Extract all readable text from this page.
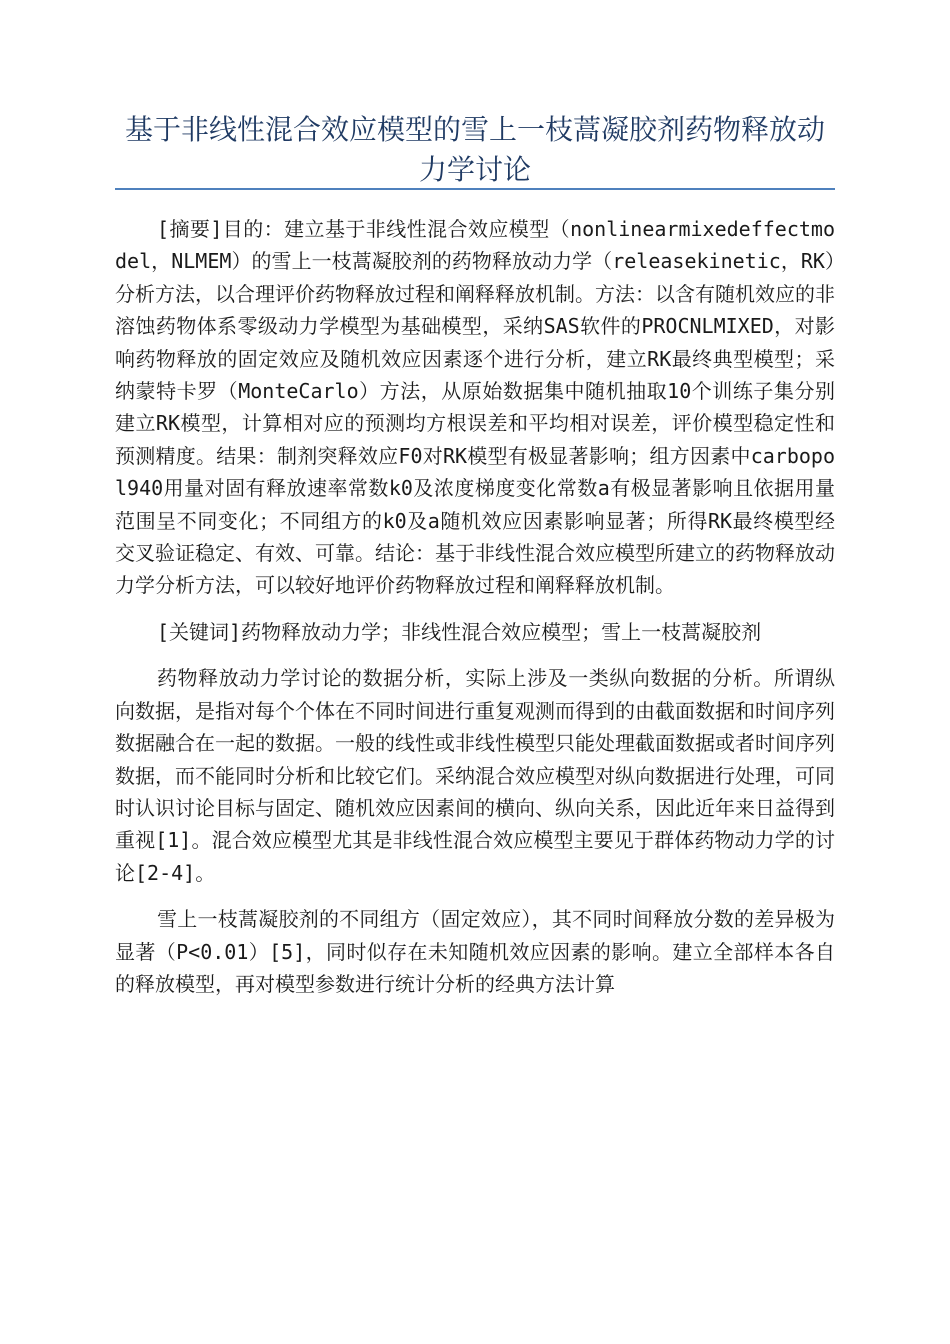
基于非线性混合效应模型的雪上一枝蒿凝胶剂药物释放动力学讨论

[摘要]目的：建立基于非线性混合效应模型（nonlinearmixedeffectmodel，NLMEM）的雪上一枝蒿凝胶剂的药物释放动力学（releasekinetic，RK）分析方法，以合理评价药物释放过程和阐释释放机制。方法：以含有随机效应的非溶蚀药物体系零级动力学模型为基础模型，采纳SAS软件的PROCNLMIXED，对影响药物释放的固定效应及随机效应因素逐个进行分析，建立RK最终典型模型；采纳蒙特卡罗（MonteCarlo）方法，从原始数据集中随机抽取10个训练子集分别建立RK模型，计算相对应的预测均方根误差和平均相对误差，评价模型稳定性和预测精度。结果：制剂突释效应F0对RK模型有极显著影响；组方因素中carbopol940用量对固有释放速率常数k0及浓度梯度变化常数a有极显著影响且依据用量范围呈不同变化；不同组方的k0及a随机效应因素影响显著；所得RK最终模型经交叉验证稳定、有效、可靠。结论：基于非线性混合效应模型所建立的药物释放动力学分析方法，可以较好地评价药物释放过程和阐释释放机制。

[关键词]药物释放动力学；非线性混合效应模型；雪上一枝蒿凝胶剂

药物释放动力学讨论的数据分析，实际上涉及一类纵向数据的分析。所谓纵向数据，是指对每个个体在不同时间进行重复观测而得到的由截面数据和时间序列数据融合在一起的数据。一般的线性或非线性模型只能处理截面数据或者时间序列数据，而不能同时分析和比较它们。采纳混合效应模型对纵向数据进行处理，可同时认识讨论目标与固定、随机效应因素间的横向、纵向关系，因此近年来日益得到重视[1]。混合效应模型尤其是非线性混合效应模型主要见于群体药物动力学的讨论[2-4]。

雪上一枝蒿凝胶剂的不同组方（固定效应），其不同时间释放分数的差异极为显著（P<0.01）[5]，同时似存在未知随机效应因素的影响。建立全部样本各自的释放模型，再对模型参数进行统计分析的经典方法计算
